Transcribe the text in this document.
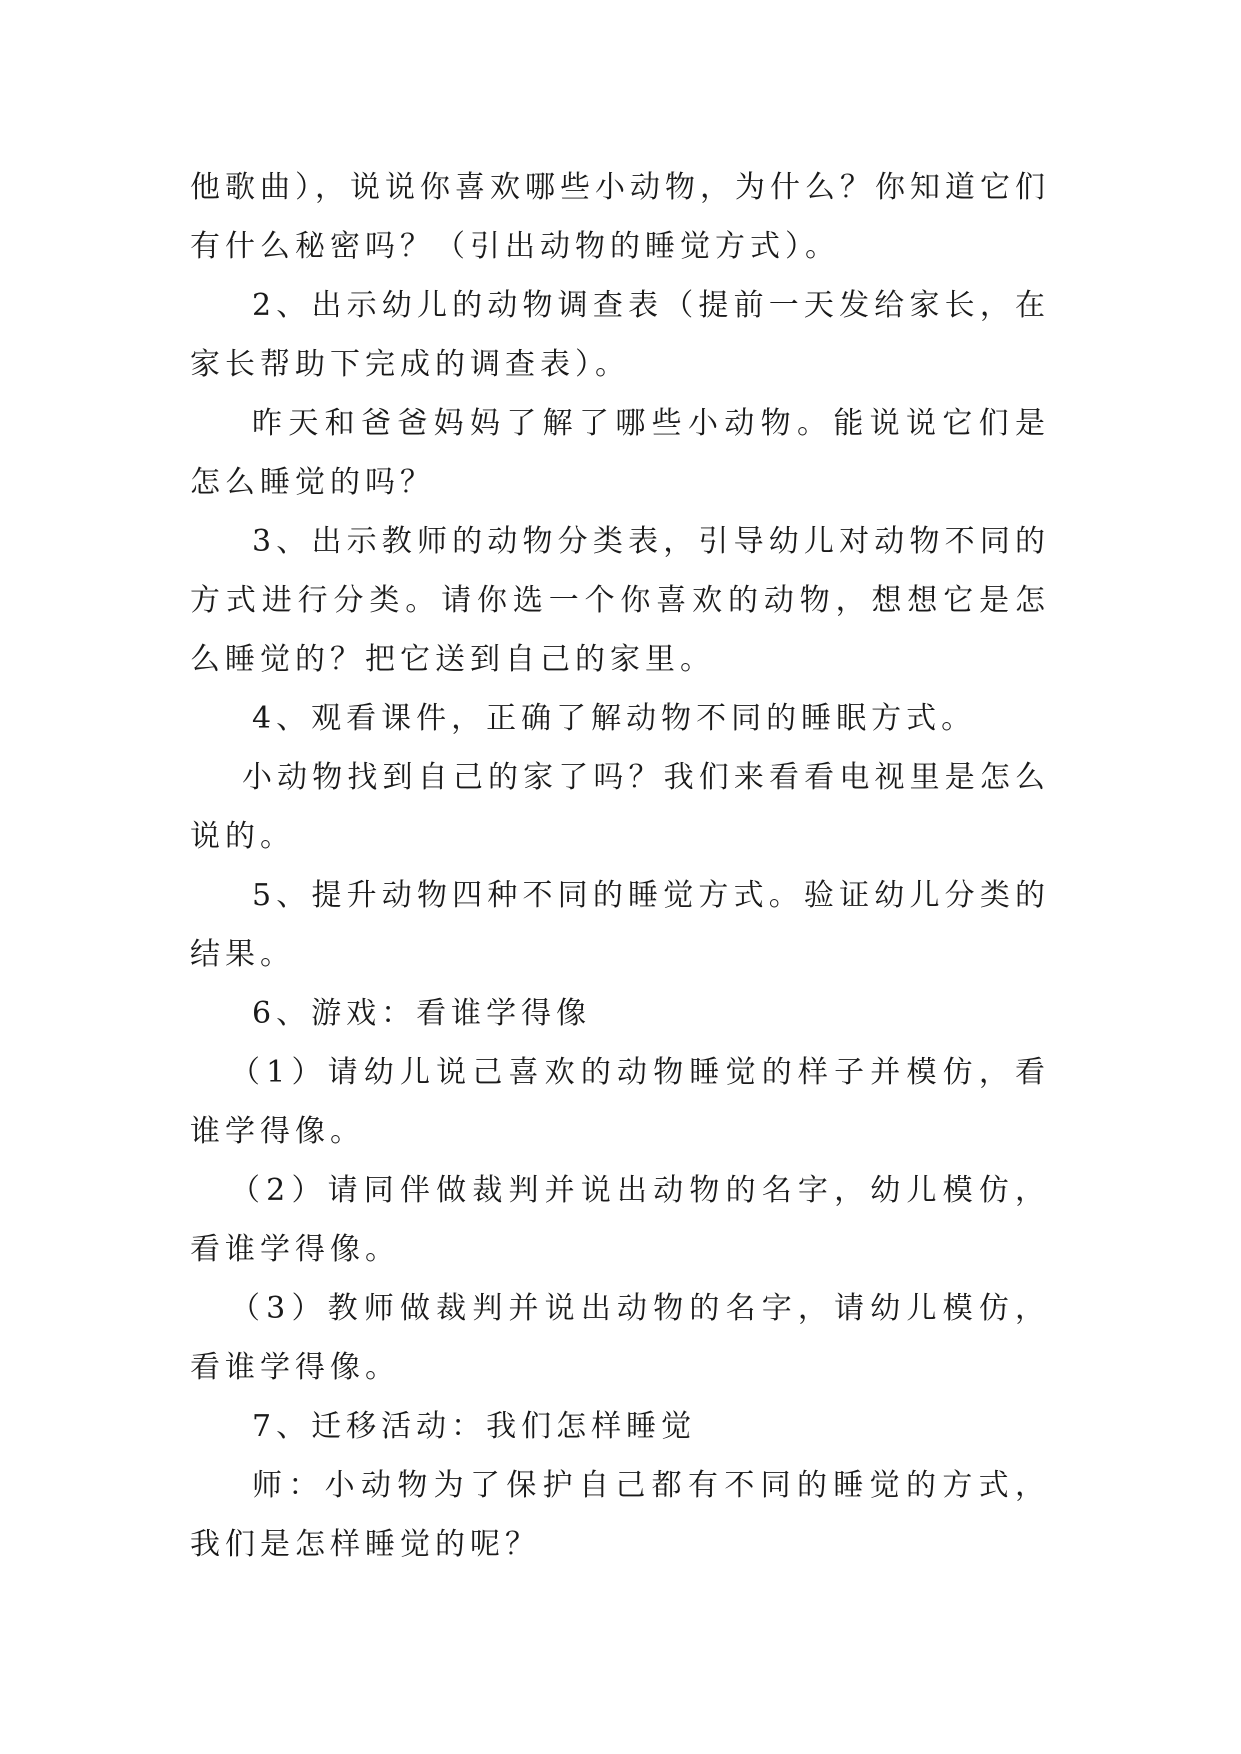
他歌曲），说说你喜欢哪些小动物，为什么？你知道它们有什么秘密吗？（引出动物的睡觉方式）。

2、出示幼儿的动物调查表（提前一天发给家长，在家长帮助下完成的调查表）。

昨天和爸爸妈妈了解了哪些小动物。能说说它们是怎么睡觉的吗？

3、出示教师的动物分类表，引导幼儿对动物不同的方式进行分类。请你选一个你喜欢的动物，想想它是怎么睡觉的？把它送到自己的家里。

4、观看课件，正确了解动物不同的睡眠方式。

小动物找到自己的家了吗？我们来看看电视里是怎么说的。

5、提升动物四种不同的睡觉方式。验证幼儿分类的结果。

6、游戏：看谁学得像

（1）请幼儿说己喜欢的动物睡觉的样子并模仿，看谁学得像。

（2）请同伴做裁判并说出动物的名字，幼儿模仿，看谁学得像。

（3）教师做裁判并说出动物的名字，请幼儿模仿，看谁学得像。

7、迁移活动：我们怎样睡觉

师：小动物为了保护自己都有不同的睡觉的方式，我们是怎样睡觉的呢？
